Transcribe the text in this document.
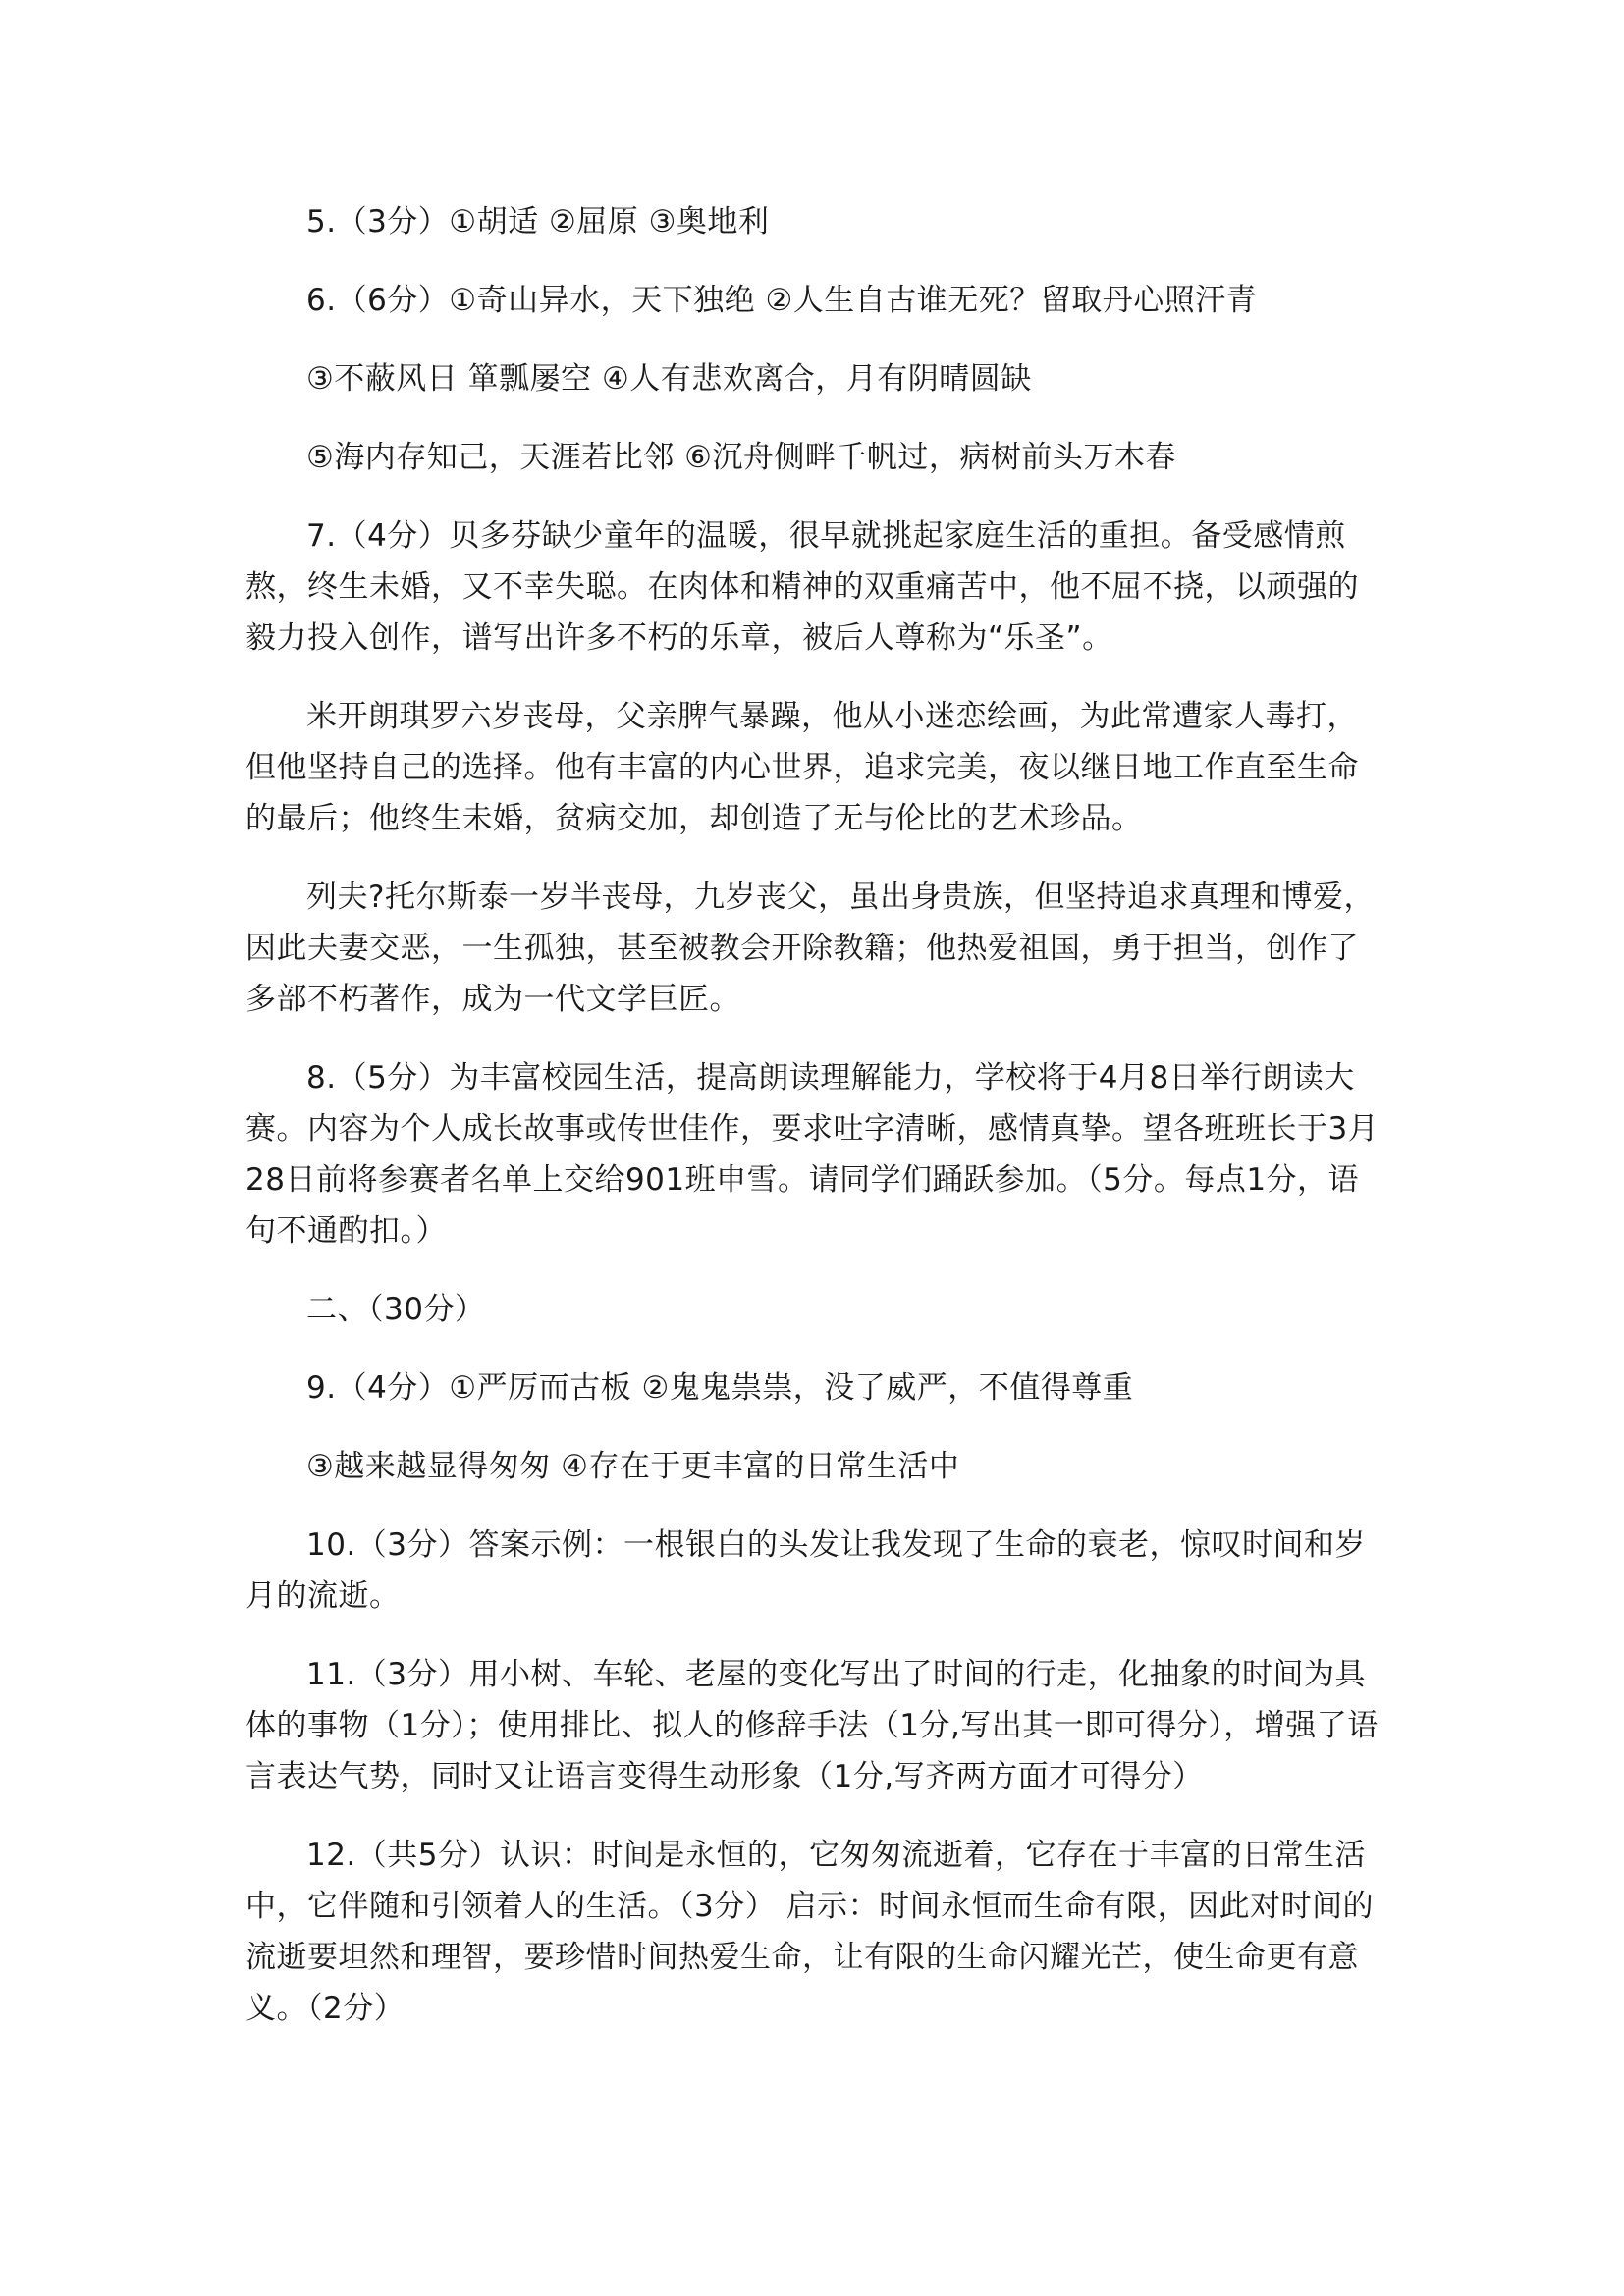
5.（3分）①胡适 ②屈原 ③奥地利

6.（6分）①奇山异水，天下独绝 ②人生自古谁无死？留取丹心照汗青

③不蔽风日 箪瓢屡空 ④人有悲欢离合，月有阴晴圆缺

⑤海内存知己，天涯若比邻 ⑥沉舟侧畔千帆过，病树前头万木春

7.（4分）贝多芬缺少童年的温暖，很早就挑起家庭生活的重担。备受感情煎熬，终生未婚，又不幸失聪。在肉体和精神的双重痛苦中，他不屈不挠，以顽强的毅力投入创作，谱写出许多不朽的乐章，被后人尊称为“乐圣”。

米开朗琪罗六岁丧母，父亲脾气暴躁，他从小迷恋绘画，为此常遭家人毒打，但他坚持自己的选择。他有丰富的内心世界，追求完美，夜以继日地工作直至生命的最后；他终生未婚，贫病交加，却创造了无与伦比的艺术珍品。

列夫?托尔斯泰一岁半丧母，九岁丧父，虽出身贵族，但坚持追求真理和博爱，因此夫妻交恶，一生孤独，甚至被教会开除教籍；他热爱祖国，勇于担当，创作了多部不朽著作，成为一代文学巨匠。

8.（5分）为丰富校园生活，提高朗读理解能力，学校将于4月8日举行朗读大赛。内容为个人成长故事或传世佳作，要求吐字清晰，感情真挚。望各班班长于3月28日前将参赛者名单上交给901班申雪。请同学们踊跃参加。（5分。每点1分，语句不通酌扣。）

二、（30分）

9.（4分）①严厉而古板 ②鬼鬼祟祟，没了威严，不值得尊重

③越来越显得匆匆 ④存在于更丰富的日常生活中

10.（3分）答案示例：一根银白的头发让我发现了生命的衰老，惊叹时间和岁月的流逝。

11.（3分）用小树、车轮、老屋的变化写出了时间的行走，化抽象的时间为具体的事物（1分）；使用排比、拟人的修辞手法（1分,写出其一即可得分），增强了语言表达气势，同时又让语言变得生动形象（1分,写齐两方面才可得分）

12.（共5分）认识：时间是永恒的，它匆匆流逝着，它存在于丰富的日常生活中，它伴随和引领着人的生活。（3分） 启示：时间永恒而生命有限，因此对时间的流逝要坦然和理智，要珍惜时间热爱生命，让有限的生命闪耀光芒，使生命更有意义。（2分）
